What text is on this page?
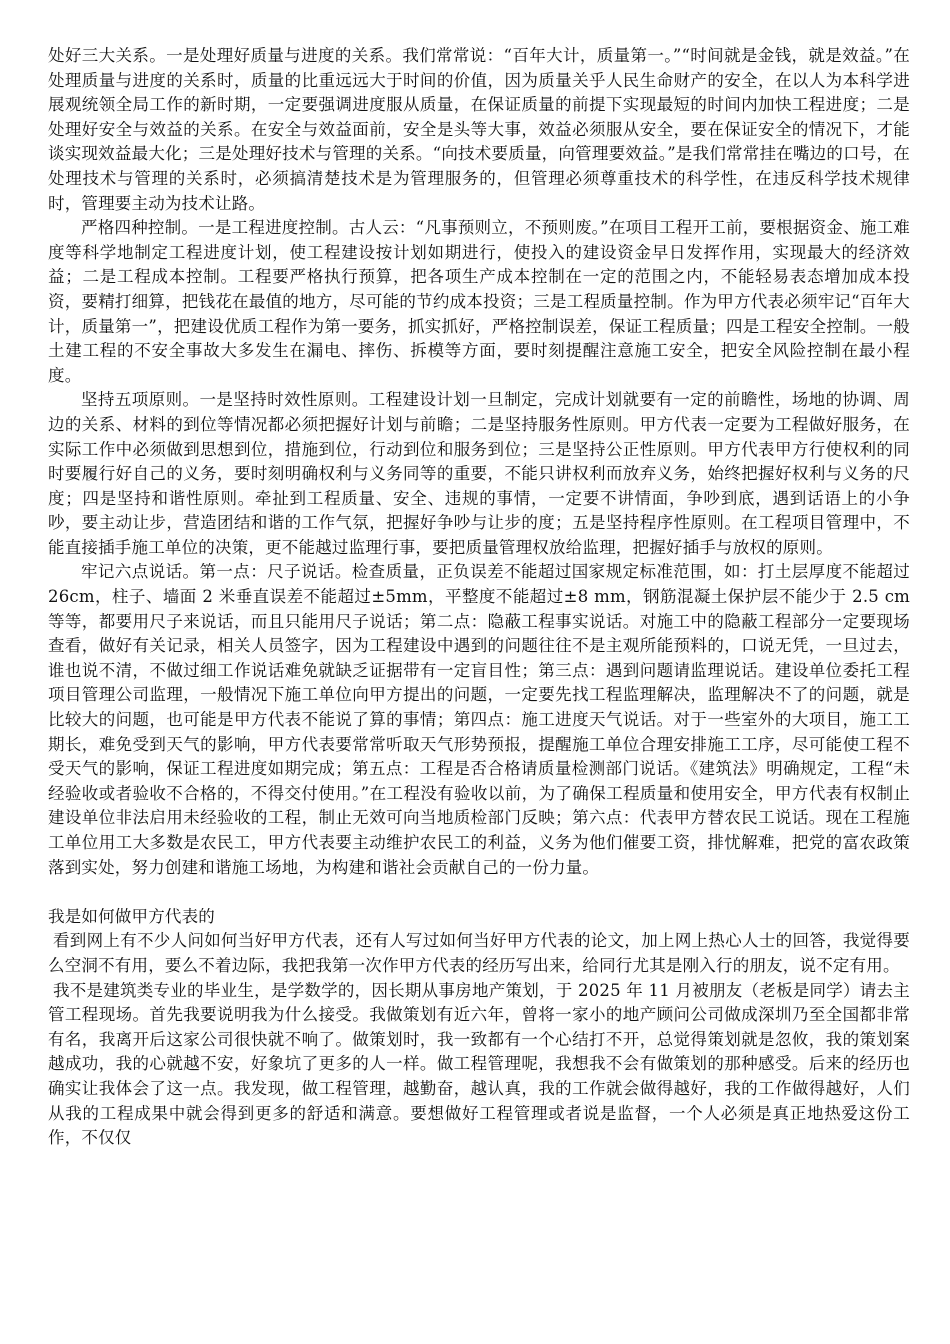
处好三大关系。一是处理好质量与进度的关系。我们常常说：“百年大计，质量第一。”“时间就是金钱，就是效益。”在处理质量与进度的关系时，质量的比重远远大于时间的价值，因为质量关乎人民生命财产的安全，在以人为本科学进展观统领全局工作的新时期，一定要强调进度服从质量，在保证质量的前提下实现最短的时间内加快工程进度；二是处理好安全与效益的关系。在安全与效益面前，安全是头等大事，效益必须服从安全，要在保证安全的情况下，才能谈实现效益最大化；三是处理好技术与管理的关系。“向技术要质量，向管理要效益。”是我们常常挂在嘴边的口号，在处理技术与管理的关系时，必须搞清楚技术是为管理服务的，但管理必须尊重技术的科学性，在违反科学技术规律时，管理要主动为技术让路。

严格四种控制。一是工程进度控制。古人云：“凡事预则立，不预则废。”在项目工程开工前，要根据资金、施工难度等科学地制定工程进度计划，使工程建设按计划如期进行，使投入的建设资金早日发挥作用，实现最大的经济效益；二是工程成本控制。工程要严格执行预算，把各项生产成本控制在一定的范围之内，不能轻易表态增加成本投资，要精打细算，把钱花在最值的地方，尽可能的节约成本投资；三是工程质量控制。作为甲方代表必须牢记“百年大计，质量第一”，把建设优质工程作为第一要务，抓实抓好，严格控制误差，保证工程质量；四是工程安全控制。一般土建工程的不安全事故大多发生在漏电、摔伤、拆模等方面，要时刻提醒注意施工安全，把安全风险控制在最小程度。

坚持五项原则。一是坚持时效性原则。工程建设计划一旦制定，完成计划就要有一定的前瞻性，场地的协调、周边的关系、材料的到位等情况都必须把握好计划与前瞻；二是坚持服务性原则。甲方代表一定要为工程做好服务，在实际工作中必须做到思想到位，措施到位，行动到位和服务到位；三是坚持公正性原则。甲方代表甲方行使权利的同时要履行好自己的义务，要时刻明确权利与义务同等的重要，不能只讲权利而放弃义务，始终把握好权利与义务的尺度；四是坚持和谐性原则。牵扯到工程质量、安全、违规的事情，一定要不讲情面，争吵到底，遇到话语上的小争吵，要主动让步，营造团结和谐的工作气氛，把握好争吵与让步的度；五是坚持程序性原则。在工程项目管理中，不能直接插手施工单位的决策，更不能越过监理行事，要把质量管理权放给监理，把握好插手与放权的原则。

牢记六点说话。第一点：尺子说话。检查质量，正负误差不能超过国家规定标准范围，如：打土层厚度不能超过 26cm，柱子、墙面 2 米垂直误差不能超过±5mm，平整度不能超过±8 mm，钢筋混凝土保护层不能少于 2.5 cm 等等，都要用尺子来说话，而且只能用尺子说话；第二点：隐蔽工程事实说话。对施工中的隐蔽工程部分一定要现场查看，做好有关记录，相关人员签字，因为工程建设中遇到的问题往往不是主观所能预料的，口说无凭，一旦过去，谁也说不清，不做过细工作说话难免就缺乏证据带有一定盲目性；第三点：遇到问题请监理说话。建设单位委托工程项目管理公司监理，一般情况下施工单位向甲方提出的问题，一定要先找工程监理解决，监理解决不了的问题，就是比较大的问题，也可能是甲方代表不能说了算的事情；第四点：施工进度天气说话。对于一些室外的大项目，施工工期长，难免受到天气的影响，甲方代表要常常听取天气形势预报，提醒施工单位合理安排施工工序，尽可能使工程不受天气的影响，保证工程进度如期完成；第五点：工程是否合格请质量检测部门说话。《建筑法》明确规定，工程“未经验收或者验收不合格的，不得交付使用。”在工程没有验收以前，为了确保工程质量和使用安全，甲方代表有权制止建设单位非法启用未经验收的工程，制止无效可向当地质检部门反映；第六点：代表甲方替农民工说话。现在工程施工单位用工大多数是农民工，甲方代表要主动维护农民工的利益，义务为他们催要工资，排忧解难，把党的富农政策落到实处，努力创建和谐施工场地，为构建和谐社会贡献自己的一份力量。

我是如何做甲方代表的

看到网上有不少人问如何当好甲方代表，还有人写过如何当好甲方代表的论文，加上网上热心人士的回答，我觉得要么空洞不有用，要么不着边际，我把我第一次作甲方代表的经历写出来，给同行尤其是刚入行的朋友，说不定有用。

我不是建筑类专业的毕业生，是学数学的，因长期从事房地产策划，于 2025 年 11 月被朋友（老板是同学）请去主管工程现场。首先我要说明我为什么接受。我做策划有近六年，曾将一家小的地产顾问公司做成深圳乃至全国都非常有名，我离开后这家公司很快就不响了。做策划时，我一致都有一个心结打不开，总觉得策划就是忽攸，我的策划案越成功，我的心就越不安，好象坑了更多的人一样。做工程管理呢，我想我不会有做策划的那种感受。后来的经历也确实让我体会了这一点。我发现，做工程管理，越勤奋，越认真，我的工作就会做得越好，我的工作做得越好，人们从我的工程成果中就会得到更多的舒适和满意。要想做好工程管理或者说是监督，一个人必须是真正地热爱这份工作，不仅仅
